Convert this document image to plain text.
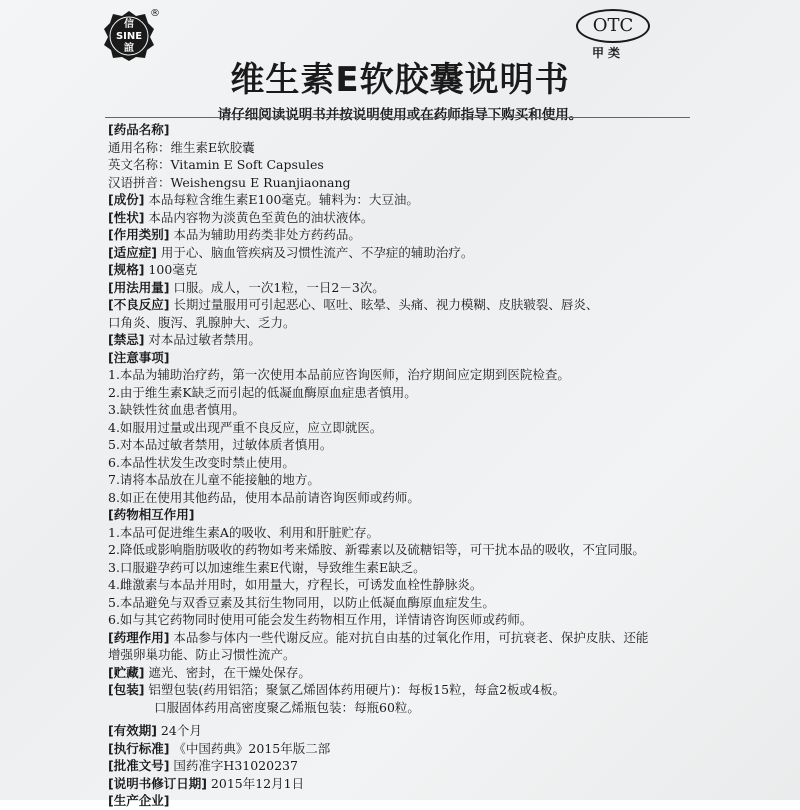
信
SINE
誼
®
OTC
甲类
维生素E软胶囊说明书
请仔细阅读说明书并按说明使用或在药师指导下购买和使用。
[药品名称]
通用名称：维生素E软胶囊
英文名称：Vitamin E Soft Capsules
汉语拼音：Weishengsu E Ruanjiaonang
[成份] 本品每粒含维生素E100毫克。辅料为：大豆油。
[性状] 本品内容物为淡黄色至黄色的油状液体。
[作用类别] 本品为辅助用药类非处方药药品。
[适应症] 用于心、脑血管疾病及习惯性流产、不孕症的辅助治疗。
[规格] 100毫克
[用法用量] 口服。成人，一次1粒，一日2－3次。
[不良反应] 长期过量服用可引起恶心、呕吐、眩晕、头痛、视力模糊、皮肤皲裂、唇炎、
口角炎、腹泻、乳腺肿大、乏力。
[禁忌] 对本品过敏者禁用。
[注意事项]
1.本品为辅助治疗药，第一次使用本品前应咨询医师，治疗期间应定期到医院检查。
2.由于维生素K缺乏而引起的低凝血酶原血症患者慎用。
3.缺铁性贫血患者慎用。
4.如服用过量或出现严重不良反应，应立即就医。
5.对本品过敏者禁用，过敏体质者慎用。
6.本品性状发生改变时禁止使用。
7.请将本品放在儿童不能接触的地方。
8.如正在使用其他药品，使用本品前请咨询医师或药师。
[药物相互作用]
1.本品可促进维生素A的吸收、利用和肝脏贮存。
2.降低或影响脂肪吸收的药物如考来烯胺、新霉素以及硫糖铝等，可干扰本品的吸收，不宜同服。
3.口服避孕药可以加速维生素E代谢，导致维生素E缺乏。
4.雌激素与本品并用时，如用量大，疗程长，可诱发血栓性静脉炎。
5.本品避免与双香豆素及其衍生物同用，以防止低凝血酶原血症发生。
6.如与其它药物同时使用可能会发生药物相互作用，详情请咨询医师或药师。
[药理作用] 本品参与体内一些代谢反应。能对抗自由基的过氧化作用，可抗衰老、保护皮肤、还能增强卵巢功能、防止习惯性流产。
[贮藏] 遮光、密封，在干燥处保存。
[包装] 铝塑包装(药用铝箔；聚氯乙烯固体药用硬片)：每板15粒，每盒2板或4板。
口服固体药用高密度聚乙烯瓶包装：每瓶60粒。
[有效期] 24个月
[执行标准] 《中国药典》2015年版二部
[批准文号] 国药准字H31020237
[说明书修订日期] 2015年12月1日
[生产企业]
